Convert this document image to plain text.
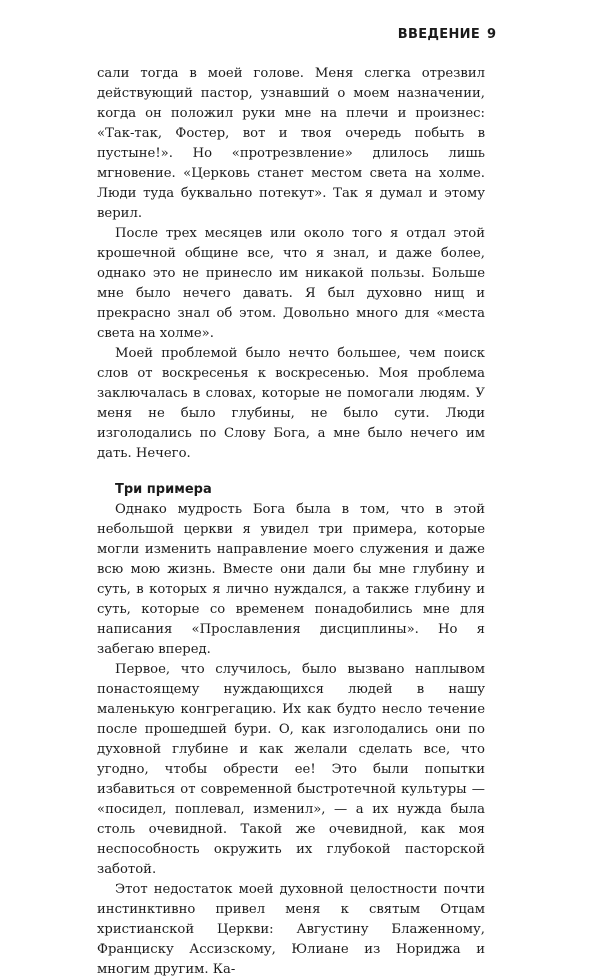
ВВЕДЕНИЕ 9

сали тогда в моей голове. Меня слегка отрезвил действующий пастор, узнавший о моем назначении, когда он положил руки мне на плечи и произнес: «Так-так, Фостер, вот и твоя очередь побыть в пустыне!». Но «протрезвление» длилось лишь мгновение. «Церковь станет местом света на холме. Люди туда буквально потекут». Так я думал и этому верил.

После трех месяцев или около того я отдал этой крошечной общине все, что я знал, и даже более, однако это не принесло им никакой пользы. Больше мне было нечего давать. Я был духовно нищ и прекрасно знал об этом. Довольно много для «места света на холме».

Моей проблемой было нечто большее, чем поиск слов от воскресенья к воскресенью. Моя проблема заключалась в словах, которые не помогали людям. У меня не было глубины, не было сути. Люди изголодались по Слову Бога, а мне было нечего им дать. Нечего.

Три примера

Однако мудрость Бога была в том, что в этой небольшой церкви я увидел три примера, которые могли изменить направление моего служения и даже всю мою жизнь. Вместе они дали бы мне глубину и суть, в которых я лично нуждался, а также глубину и суть, которые со временем понадобились мне для написания «Прославления дисциплины». Но я забегаю вперед.

Первое, что случилось, было вызвано наплывом понастоящему нуждающихся людей в нашу маленькую конгрегацию. Их как будто несло течение после прошедшей бури. О, как изголодались они по духовной глубине и как желали сделать все, что угодно, чтобы обрести ее! Это были попытки избавиться от современной быстротечной культуры — «посидел, поплевал, изменил», — а их нужда была столь очевидной. Такой же очевидной, как моя неспособность окружить их глубокой пасторской заботой.

Этот недостаток моей духовной целостности почти инстинктивно привел меня к святым Отцам христианской Церкви: Августину Блаженному, Франциску Ассизскому, Юлиане из Нориджа и многим другим. Ка-
